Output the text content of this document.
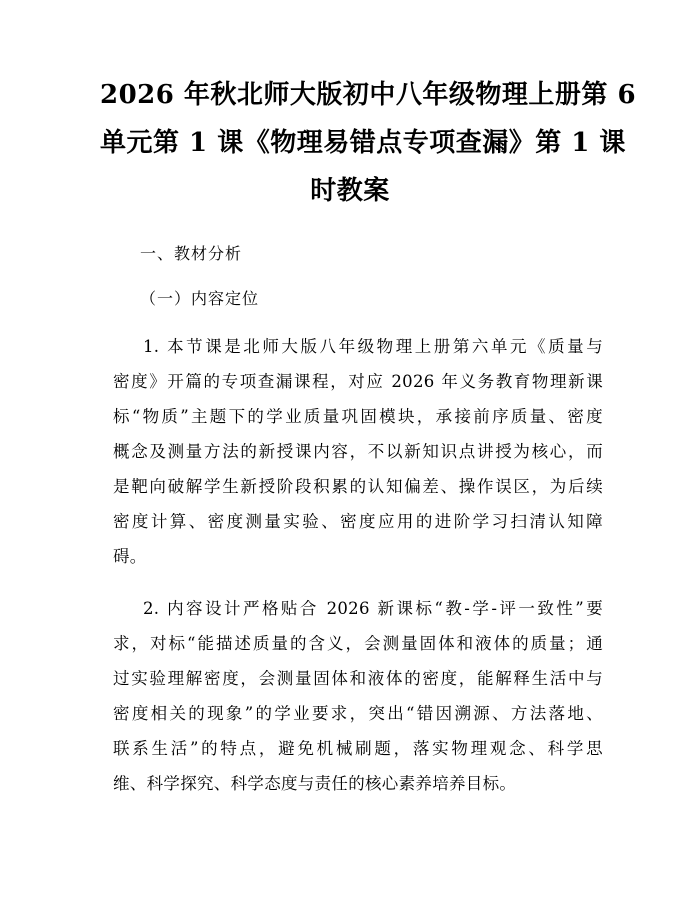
2026 年秋北师大版初中八年级物理上册第 6
单元第 1 课《物理易错点专项查漏》第 1 课
时教案
一、教材分析
（一）内容定位
1. 本节课是北师大版八年级物理上册第六单元《质量与
密度》开篇的专项查漏课程，对应 2026 年义务教育物理新课
标“物质”主题下的学业质量巩固模块，承接前序质量、密度
概念及测量方法的新授课内容，不以新知识点讲授为核心，而
是靶向破解学生新授阶段积累的认知偏差、操作误区，为后续
密度计算、密度测量实验、密度应用的进阶学习扫清认知障
碍。
2. 内容设计严格贴合 2026 新课标“教-学-评一致性”要
求，对标“能描述质量的含义，会测量固体和液体的质量；通
过实验理解密度，会测量固体和液体的密度，能解释生活中与
密度相关的现象”的学业要求，突出“错因溯源、方法落地、
联系生活”的特点，避免机械刷题，落实物理观念、科学思
维、科学探究、科学态度与责任的核心素养培养目标。
